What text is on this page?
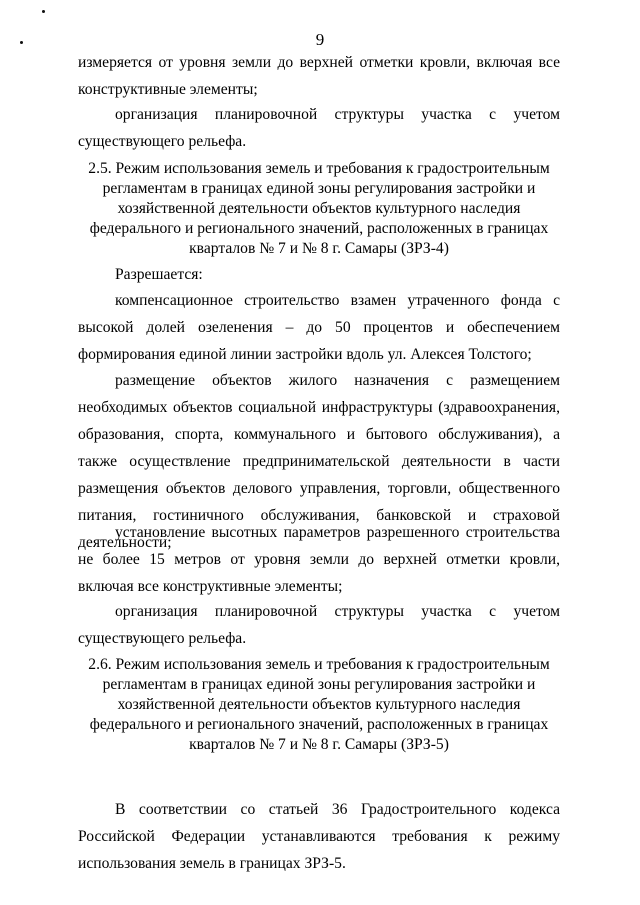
9

измеряется от уровня земли до верхней отметки кровли, включая все конструктивные элементы;

организация планировочной структуры участка с учетом существующего рельефа.

2.5. Режим использования земель и требования к градостроительным регламентам в границах единой зоны регулирования застройки и хозяйственной деятельности объектов культурного наследия федерального и регионального значений, расположенных в границах кварталов № 7 и № 8 г. Самары (ЗРЗ-4)

Разрешается:

компенсационное строительство взамен утраченного фонда с высокой долей озеленения – до 50 процентов и обеспечением формирования единой линии застройки вдоль ул. Алексея Толстого;

размещение объектов жилого назначения с размещением необходимых объектов социальной инфраструктуры (здравоохранения, образования, спорта, коммунального и бытового обслуживания), а также осуществление предпринимательской деятельности в части размещения объектов делового управления, торговли, общественного питания, гостиничного обслуживания, банковской и страховой деятельности;

установление высотных параметров разрешенного строительства не более 15 метров от уровня земли до верхней отметки кровли, включая все конструктивные элементы;

организация планировочной структуры участка с учетом существующего рельефа.

2.6. Режим использования земель и требования к градостроительным регламентам в границах единой зоны регулирования застройки и хозяйственной деятельности объектов культурного наследия федерального и регионального значений, расположенных в границах кварталов № 7 и № 8 г. Самары (ЗРЗ-5)

В соответствии со статьей 36 Градостроительного кодекса Российской Федерации устанавливаются требования к режиму использования земель в границах ЗРЗ-5.
